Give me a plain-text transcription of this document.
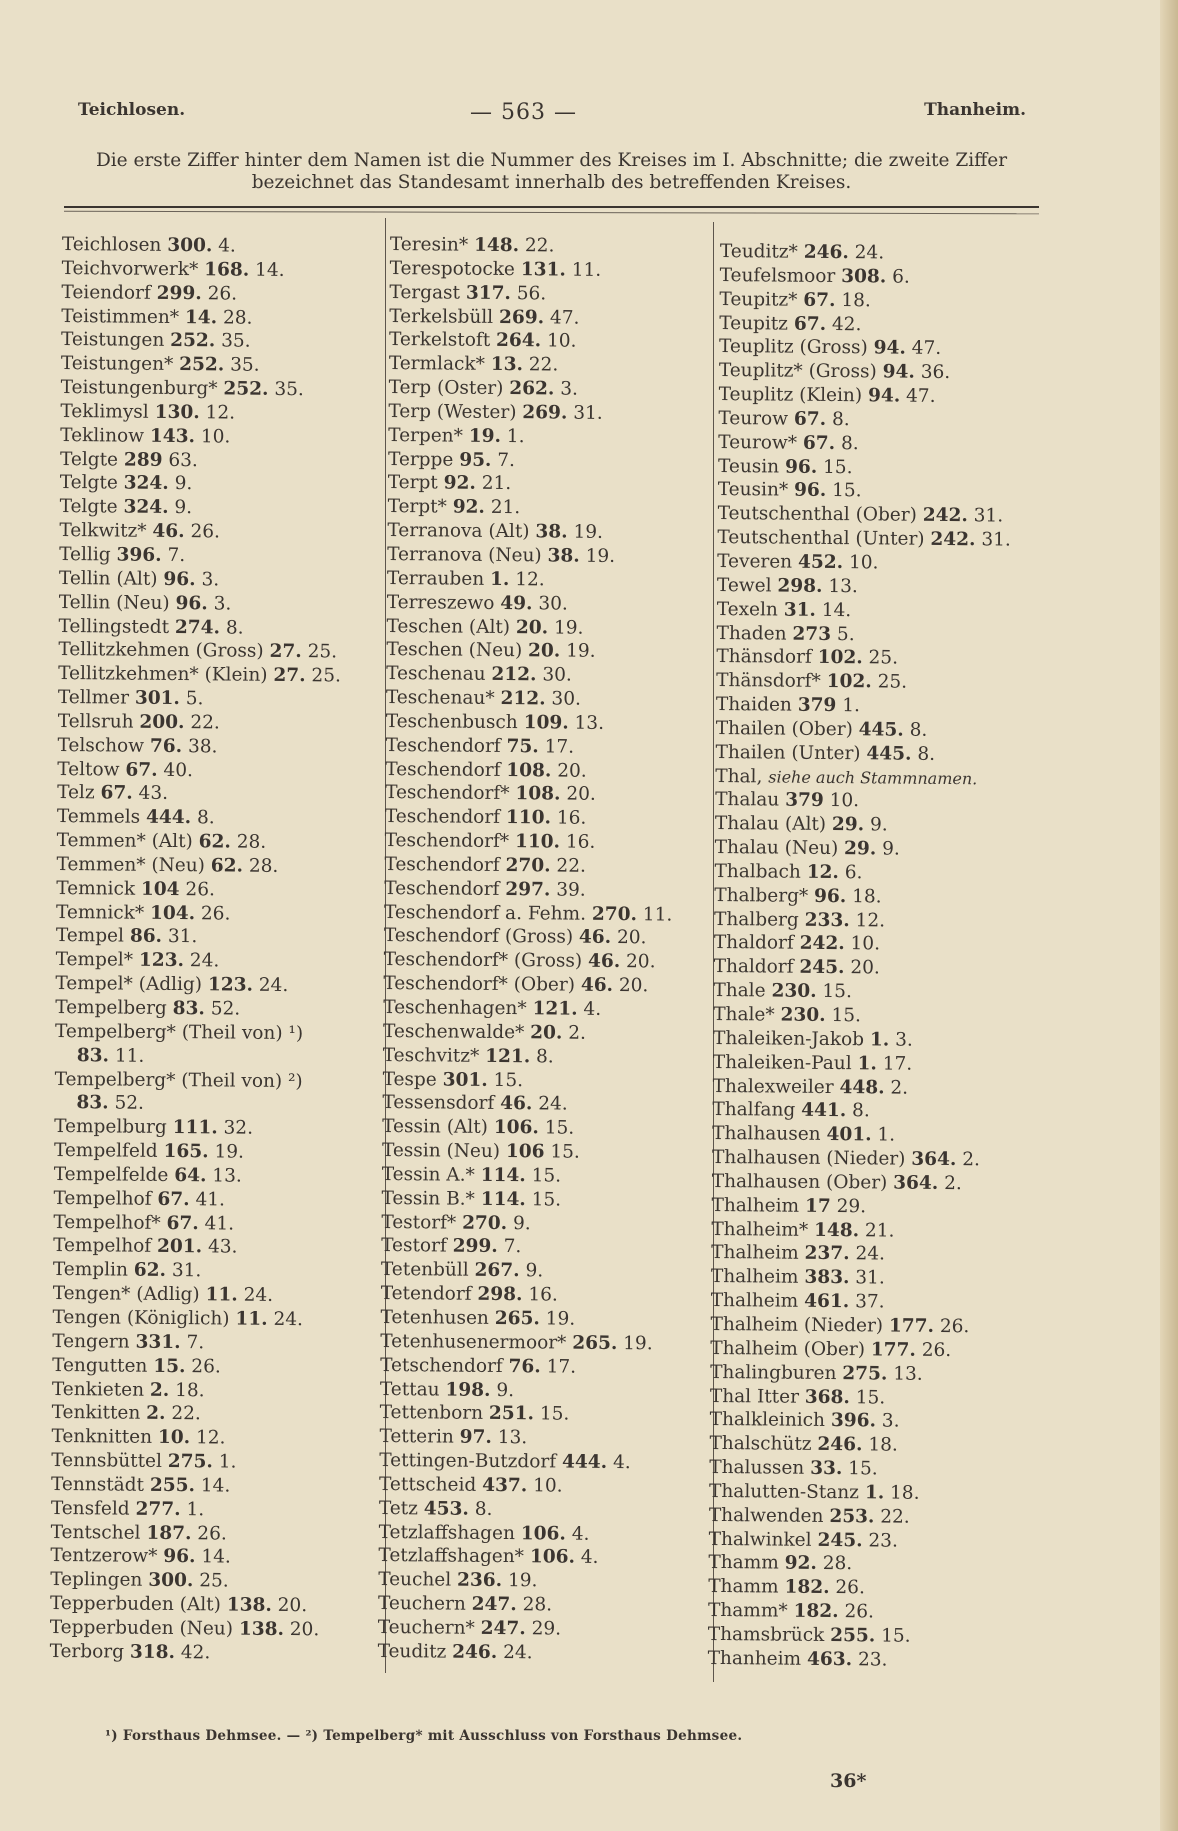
Teichlosen.	— 563 —	Thanheim.
Die erste Ziffer hinter dem Namen ist die Nummer des Kreises im I. Abschnitte; die zweite Ziffer bezeichnet das Standesamt innerhalb des betreffenden Kreises.
Teichlosen 300. 4.
Teichvorwerk* 168. 14.
Teiendorf 299. 26.
Teistimmen* 14. 28.
Teistungen 252. 35.
Teistungen* 252. 35.
Teistungenburg* 252. 35.
Teklimysl 130. 12.
Teklinow 143. 10.
Telgte 289 63.
Telgte 324. 9.
Telgte 324. 9.
Telkwitz* 46. 26.
Tellig 396. 7.
Tellin (Alt) 96. 3.
Tellin (Neu) 96. 3.
Tellingstedt 274. 8.
Tellitzkehmen (Gross) 27. 25.
Tellitzkehmen* (Klein) 27. 25.
Tellmer 301. 5.
Tellsruh 200. 22.
Telschow 76. 38.
Teltow 67. 40.
Telz 67. 43.
Temmels 444. 8.
Temmen* (Alt) 62. 28.
Temmen* (Neu) 62. 28.
Temnick 104 26.
Temnick* 104. 26.
Tempel 86. 31.
Tempel* 123. 24.
Tempel* (Adlig) 123. 24.
Tempelberg 83. 52.
Tempelberg* (Theil von) ¹)
83. 11.
Tempelberg* (Theil von) ²)
83. 52.
Tempelburg 111. 32.
Tempelfeld 165. 19.
Tempelfelde 64. 13.
Tempelhof 67. 41.
Tempelhof* 67. 41.
Tempelhof 201. 43.
Templin 62. 31.
Tengen* (Adlig) 11. 24.
Tengen (Königlich) 11. 24.
Tengern 331. 7.
Tengutten 15. 26.
Tenkieten 2. 18.
Tenkitten 2. 22.
Tenknitten 10. 12.
Tennsbüttel 275. 1.
Tennstädt 255. 14.
Tensfeld 277. 1.
Tentschel 187. 26.
Tentzerow* 96. 14.
Teplingen 300. 25.
Tepperbuden (Alt) 138. 20.
Tepperbuden (Neu) 138. 20.
Terborg 318. 42.
Teresin* 148. 22.
Terespotocke 131. 11.
Tergast 317. 56.
Terkelsbüll 269. 47.
Terkelstoft 264. 10.
Termlack* 13. 22.
Terp (Oster) 262. 3.
Terp (Wester) 269. 31.
Terpen* 19. 1.
Terppe 95. 7.
Terpt 92. 21.
Terpt* 92. 21.
Terranova (Alt) 38. 19.
Terranova (Neu) 38. 19.
Terrauben 1. 12.
Terreszewo 49. 30.
Teschen (Alt) 20. 19.
Teschen (Neu) 20. 19.
Teschenau 212. 30.
Teschenau* 212. 30.
Teschenbusch 109. 13.
Teschendorf 75. 17.
Teschendorf 108. 20.
Teschendorf* 108. 20.
Teschendorf 110. 16.
Teschendorf* 110. 16.
Teschendorf 270. 22.
Teschendorf 297. 39.
Teschendorf a. Fehm. 270. 11.
Teschendorf (Gross) 46. 20.
Teschendorf* (Gross) 46. 20.
Teschendorf* (Ober) 46. 20.
Teschenhagen* 121. 4.
Teschenwalde* 20. 2.
Teschvitz* 121. 8.
Tespe 301. 15.
Tessensdorf 46. 24.
Tessin (Alt) 106. 15.
Tessin (Neu) 106 15.
Tessin A.* 114. 15.
Tessin B.* 114. 15.
Testorf* 270. 9.
Testorf 299. 7.
Tetenbüll 267. 9.
Tetendorf 298. 16.
Tetenhusen 265. 19.
Tetenhusenermoor* 265. 19.
Tetschendorf 76. 17.
Tettau 198. 9.
Tettenborn 251. 15.
Tetterin 97. 13.
Tettingen-Butzdorf 444. 4.
Tettscheid 437. 10.
Tetz 453. 8.
Tetzlaffshagen 106. 4.
Tetzlaffshagen* 106. 4.
Teuchel 236. 19.
Teuchern 247. 28.
Teuchern* 247. 29.
Teuditz 246. 24.
Teuditz* 246. 24.
Teufelsmoor 308. 6.
Teupitz* 67. 18.
Teupitz 67. 42.
Teuplitz (Gross) 94. 47.
Teuplitz* (Gross) 94. 36.
Teuplitz (Klein) 94. 47.
Teurow 67. 8.
Teurow* 67. 8.
Teusin 96. 15.
Teusin* 96. 15.
Teutschenthal (Ober) 242. 31.
Teutschenthal (Unter) 242. 31.
Teveren 452. 10.
Tewel 298. 13.
Texeln 31. 14.
Thaden 273 5.
Thänsdorf 102. 25.
Thänsdorf* 102. 25.
Thaiden 379 1.
Thailen (Ober) 445. 8.
Thailen (Unter) 445. 8.
Thal, siehe auch Stammnamen.
Thalau 379 10.
Thalau (Alt) 29. 9.
Thalau (Neu) 29. 9.
Thalbach 12. 6.
Thalberg* 96. 18.
Thalberg 233. 12.
Thaldorf 242. 10.
Thaldorf 245. 20.
Thale 230. 15.
Thale* 230. 15.
Thaleiken-Jakob 1. 3.
Thaleiken-Paul 1. 17.
Thalexweiler 448. 2.
Thalfang 441. 8.
Thalhausen 401. 1.
Thalhausen (Nieder) 364. 2.
Thalhausen (Ober) 364. 2.
Thalheim 17 29.
Thalheim* 148. 21.
Thalheim 237. 24.
Thalheim 383. 31.
Thalheim 461. 37.
Thalheim (Nieder) 177. 26.
Thalheim (Ober) 177. 26.
Thalingburen 275. 13.
Thal Itter 368. 15.
Thalkleinich 396. 3.
Thalschütz 246. 18.
Thalussen 33. 15.
Thalutten-Stanz 1. 18.
Thalwenden 253. 22.
Thalwinkel 245. 23.
Thamm 92. 28.
Thamm 182. 26.
Thamm* 182. 26.
Thamsbrück 255. 15.
Thanheim 463. 23.
¹) Forsthaus Dehmsee. — ²) Tempelberg* mit Ausschluss von Forsthaus Dehmsee.
36*
